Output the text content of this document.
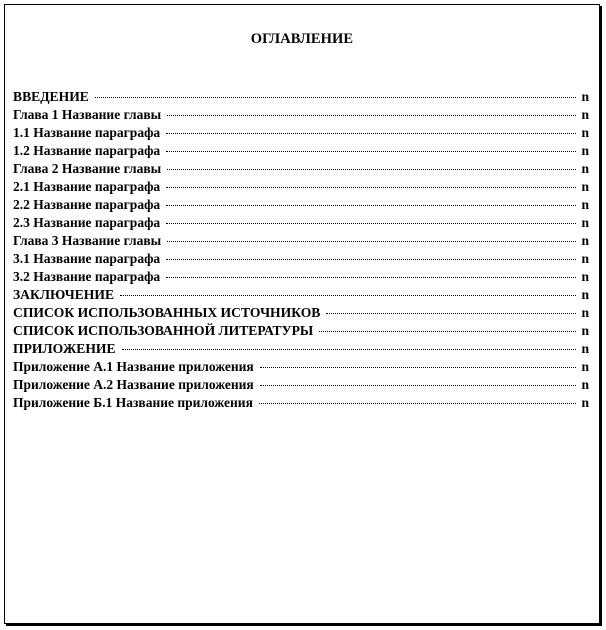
ОГЛАВЛЕНИЕ
ВВЕДЕНИЕ	n
Глава 1 Название главы	n
1.1 Название параграфа	n
1.2 Название параграфа	n
Глава 2 Название главы	n
2.1 Название параграфа	n
2.2 Название параграфа	n
2.3 Название параграфа	n
Глава 3 Название главы	n
3.1 Название параграфа	n
3.2 Название параграфа	n
ЗАКЛЮЧЕНИЕ	n
СПИСОК ИСПОЛЬЗОВАННЫХ ИСТОЧНИКОВ	n
СПИСОК ИСПОЛЬЗОВАННОЙ ЛИТЕРАТУРЫ	n
ПРИЛОЖЕНИЕ	n
Приложение А.1 Название приложения	n
Приложение А.2 Название приложения	n
Приложение Б.1 Название приложения	n
